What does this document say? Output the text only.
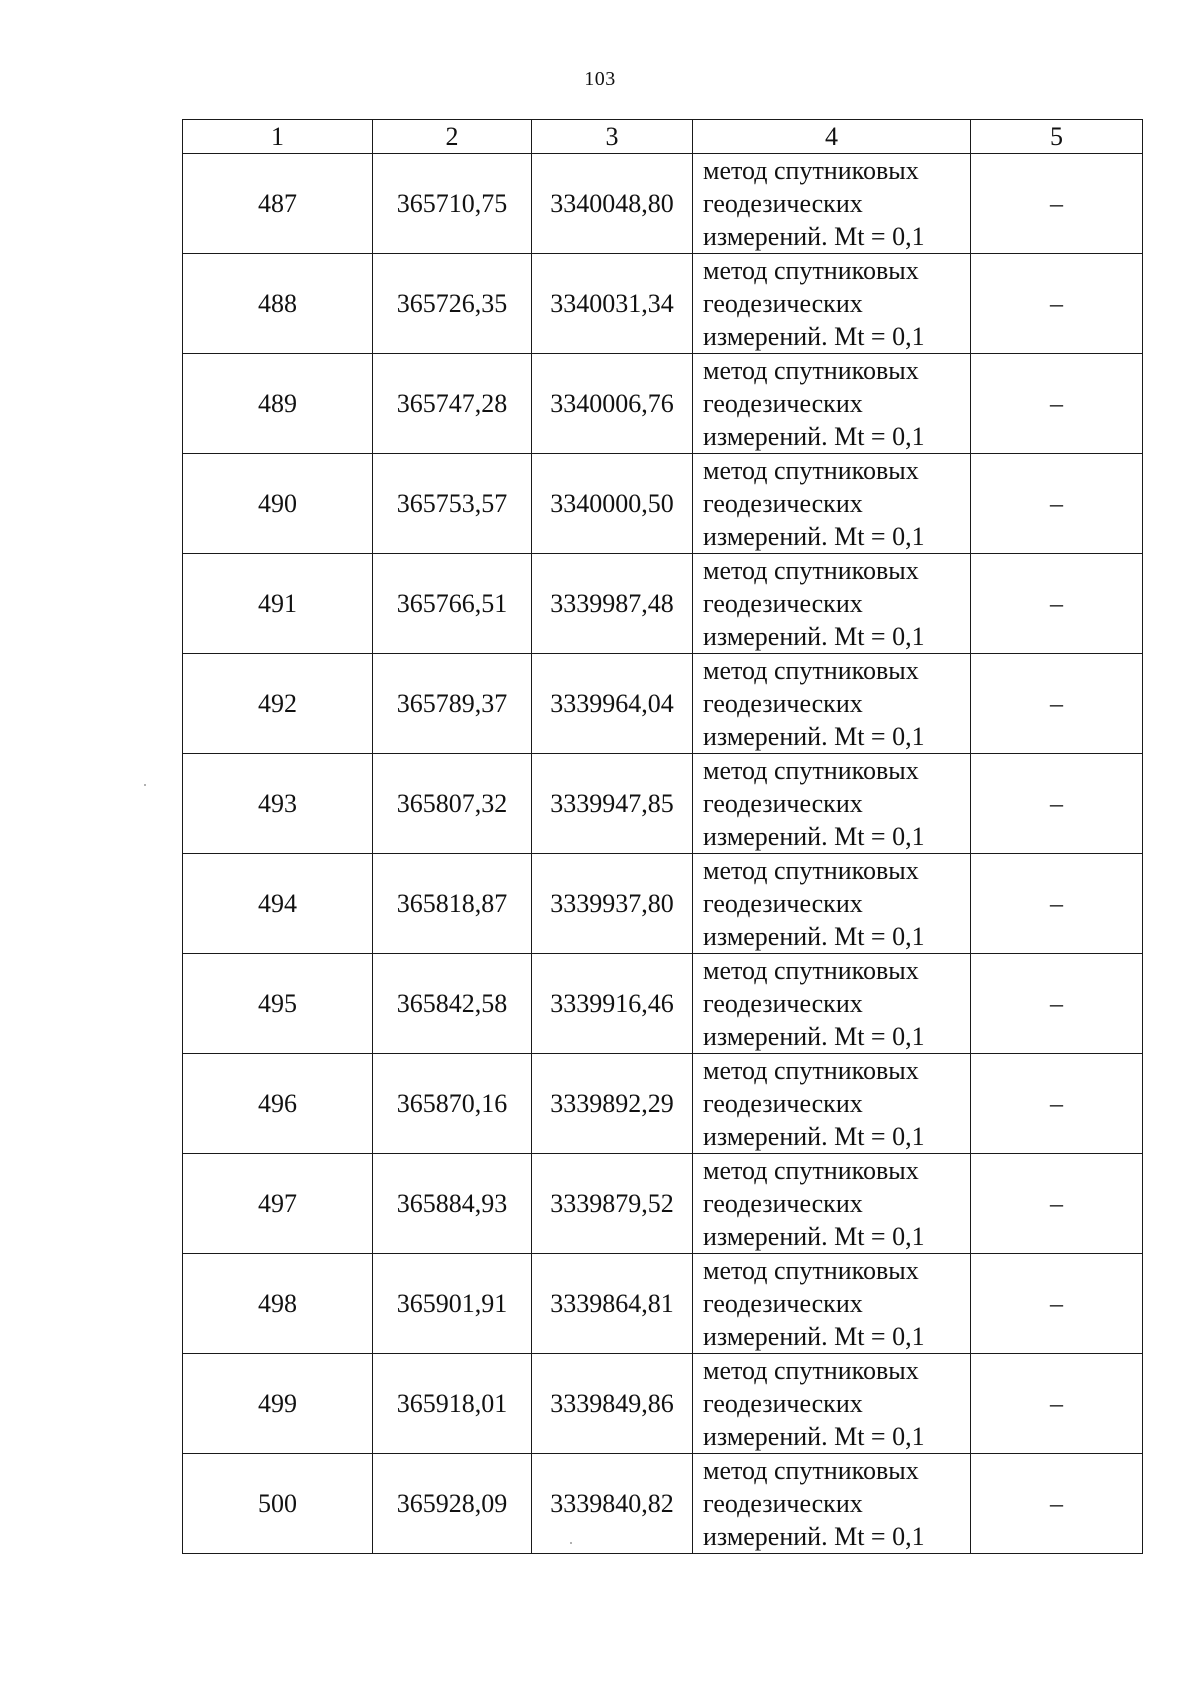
103
1	2	3	4	5
487	365710,75	3340048,80	метод спутниковых
геодезических
измерений. Mt = 0,1	–
488	365726,35	3340031,34	метод спутниковых
геодезических
измерений. Mt = 0,1	–
489	365747,28	3340006,76	метод спутниковых
геодезических
измерений. Mt = 0,1	–
490	365753,57	3340000,50	метод спутниковых
геодезических
измерений. Mt = 0,1	–
491	365766,51	3339987,48	метод спутниковых
геодезических
измерений. Mt = 0,1	–
492	365789,37	3339964,04	метод спутниковых
геодезических
измерений. Mt = 0,1	–
493	365807,32	3339947,85	метод спутниковых
геодезических
измерений. Mt = 0,1	–
494	365818,87	3339937,80	метод спутниковых
геодезических
измерений. Mt = 0,1	–
495	365842,58	3339916,46	метод спутниковых
геодезических
измерений. Mt = 0,1	–
496	365870,16	3339892,29	метод спутниковых
геодезических
измерений. Mt = 0,1	–
497	365884,93	3339879,52	метод спутниковых
геодезических
измерений. Mt = 0,1	–
498	365901,91	3339864,81	метод спутниковых
геодезических
измерений. Mt = 0,1	–
499	365918,01	3339849,86	метод спутниковых
геодезических
измерений. Mt = 0,1	–
500	365928,09	3339840,82	метод спутниковых
геодезических
измерений. Mt = 0,1	–
